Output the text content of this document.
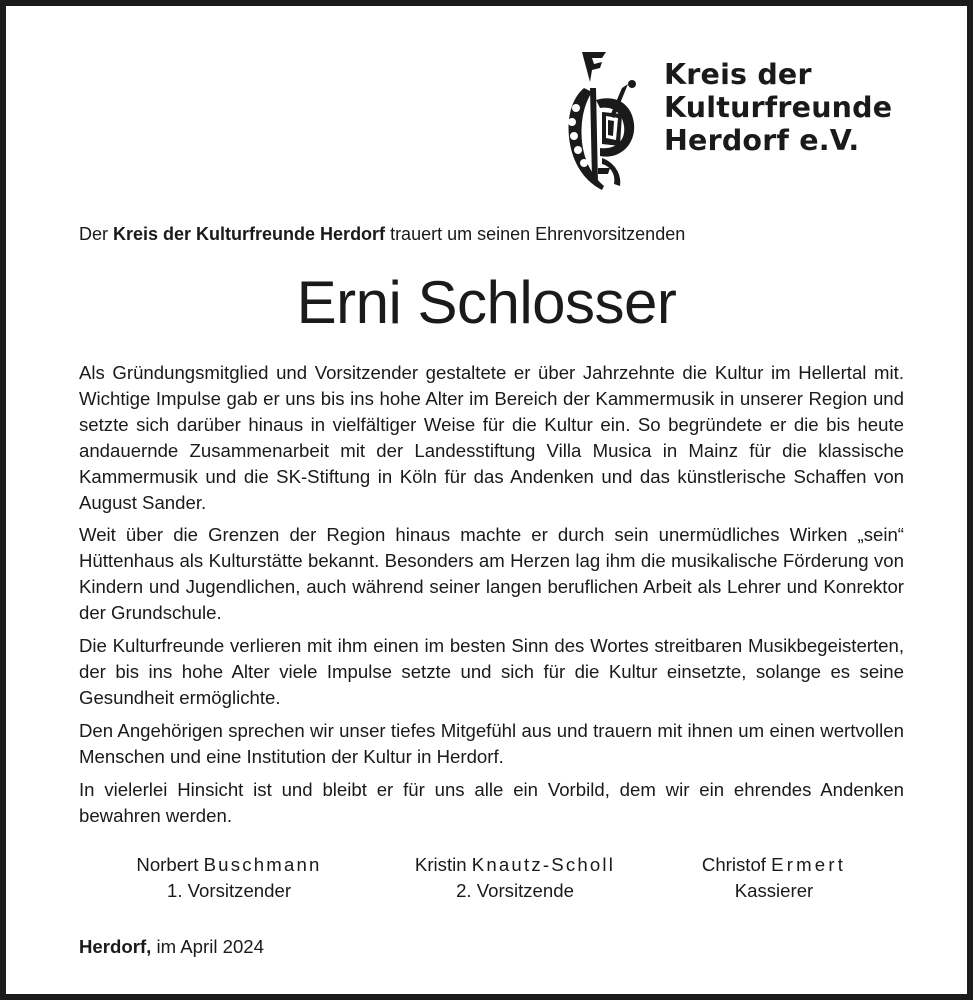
Kreis der
Kulturfreunde
Herdorf e.V.
Der Kreis der Kulturfreunde Herdorf trauert um seinen Ehrenvorsitzenden
Erni Schlosser

Als Gründungsmitglied und Vorsitzender gestaltete er über Jahrzehnte die Kultur im Hellertal mit. Wichtige Impulse gab er uns bis ins hohe Alter im Bereich der Kammermusik in unserer Region und setzte sich darüber hinaus in vielfältiger Weise für die Kultur ein. So begründete er die bis heute andauernde Zusammenarbeit mit der Landesstiftung Villa Musica in Mainz für die klassische Kammermusik und die SK-Stiftung in Köln für das Andenken und das künstlerische Schaffen von August Sander.

Weit über die Grenzen der Region hinaus machte er durch sein unermüdliches Wirken „sein“ Hüttenhaus als Kulturstätte bekannt. Besonders am Herzen lag ihm die musikalische Förderung von Kindern und Jugendlichen, auch während seiner langen beruflichen Arbeit als Lehrer und Konrektor der Grundschule.

Die Kulturfreunde verlieren mit ihm einen im besten Sinn des Wortes streitbaren Musikbegeisterten, der bis ins hohe Alter viele Impulse setzte und sich für die Kultur einsetzte, solange es seine Gesundheit ermöglichte.

Den Angehörigen sprechen wir unser tiefes Mitgefühl aus und trauern mit ihnen um einen wertvollen Menschen und eine Institution der Kultur in Herdorf.

In vielerlei Hinsicht ist und bleibt er für uns alle ein Vorbild, dem wir ein ehrendes Andenken bewahren werden.

Norbert Buschmann
1. Vorsitzender
Kristin Knautz-Scholl
2. Vorsitzende
Christof Ermert
Kassierer
Herdorf, im April 2024
